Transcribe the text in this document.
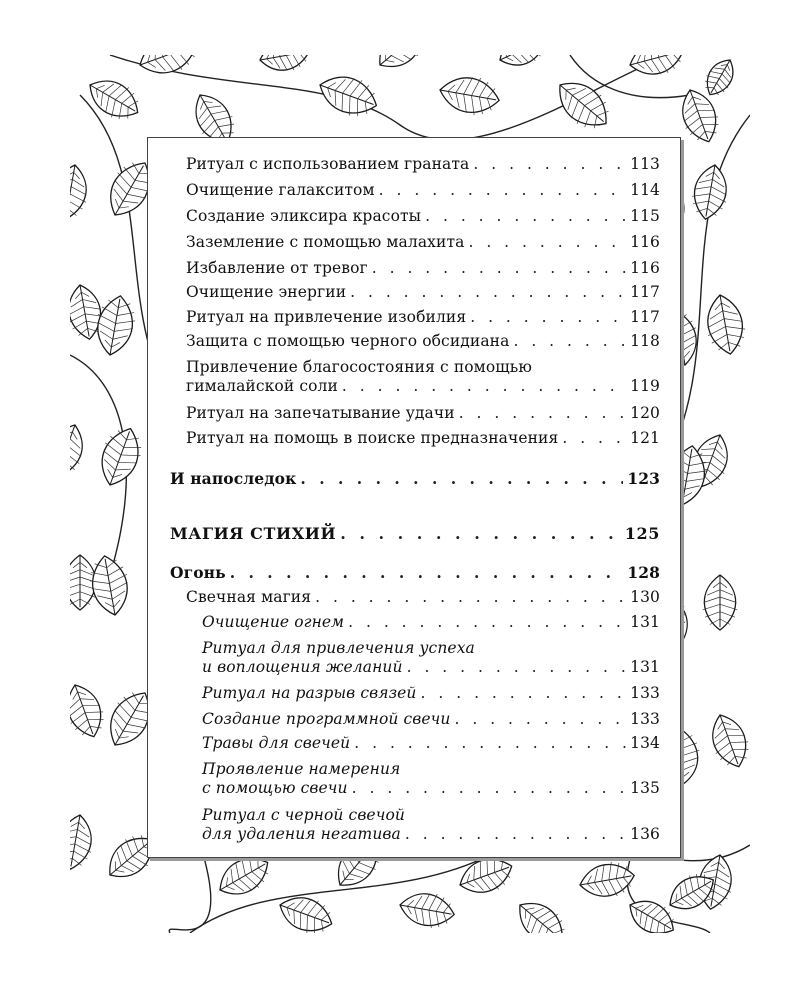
Ритуал с использованием граната . . .	113
Очищение галакситом . . .	114
Создание эликсира красоты . . .	115
Заземление с помощью малахита . . .	116
Избавление от тревог . . .	116
Очищение энергии . . .	117
Ритуал на привлечение изобилия . . .	117
Защита с помощью черного обсидиана . . .	118
Привлечение благосостояния с помощью
гималайской соли . . .	119
Ритуал на запечатывание удачи . . .	120
Ритуал на помощь в поиске предназначения . . .	121
И напоследок . . .	123
МАГИЯ СТИХИЙ . . .	125
Огонь . . .	128
Свечная магия . . .	130
Очищение огнем . . .	131
Ритуал для привлечения успеха
и воплощения желаний . . .	131
Ритуал на разрыв связей . . .	133
Создание программной свечи . . .	133
Травы для свечей . . .	134
Проявление намерения
с помощью свечи . . .	135
Ритуал с черной свечой
для удаления негатива . . .	136
